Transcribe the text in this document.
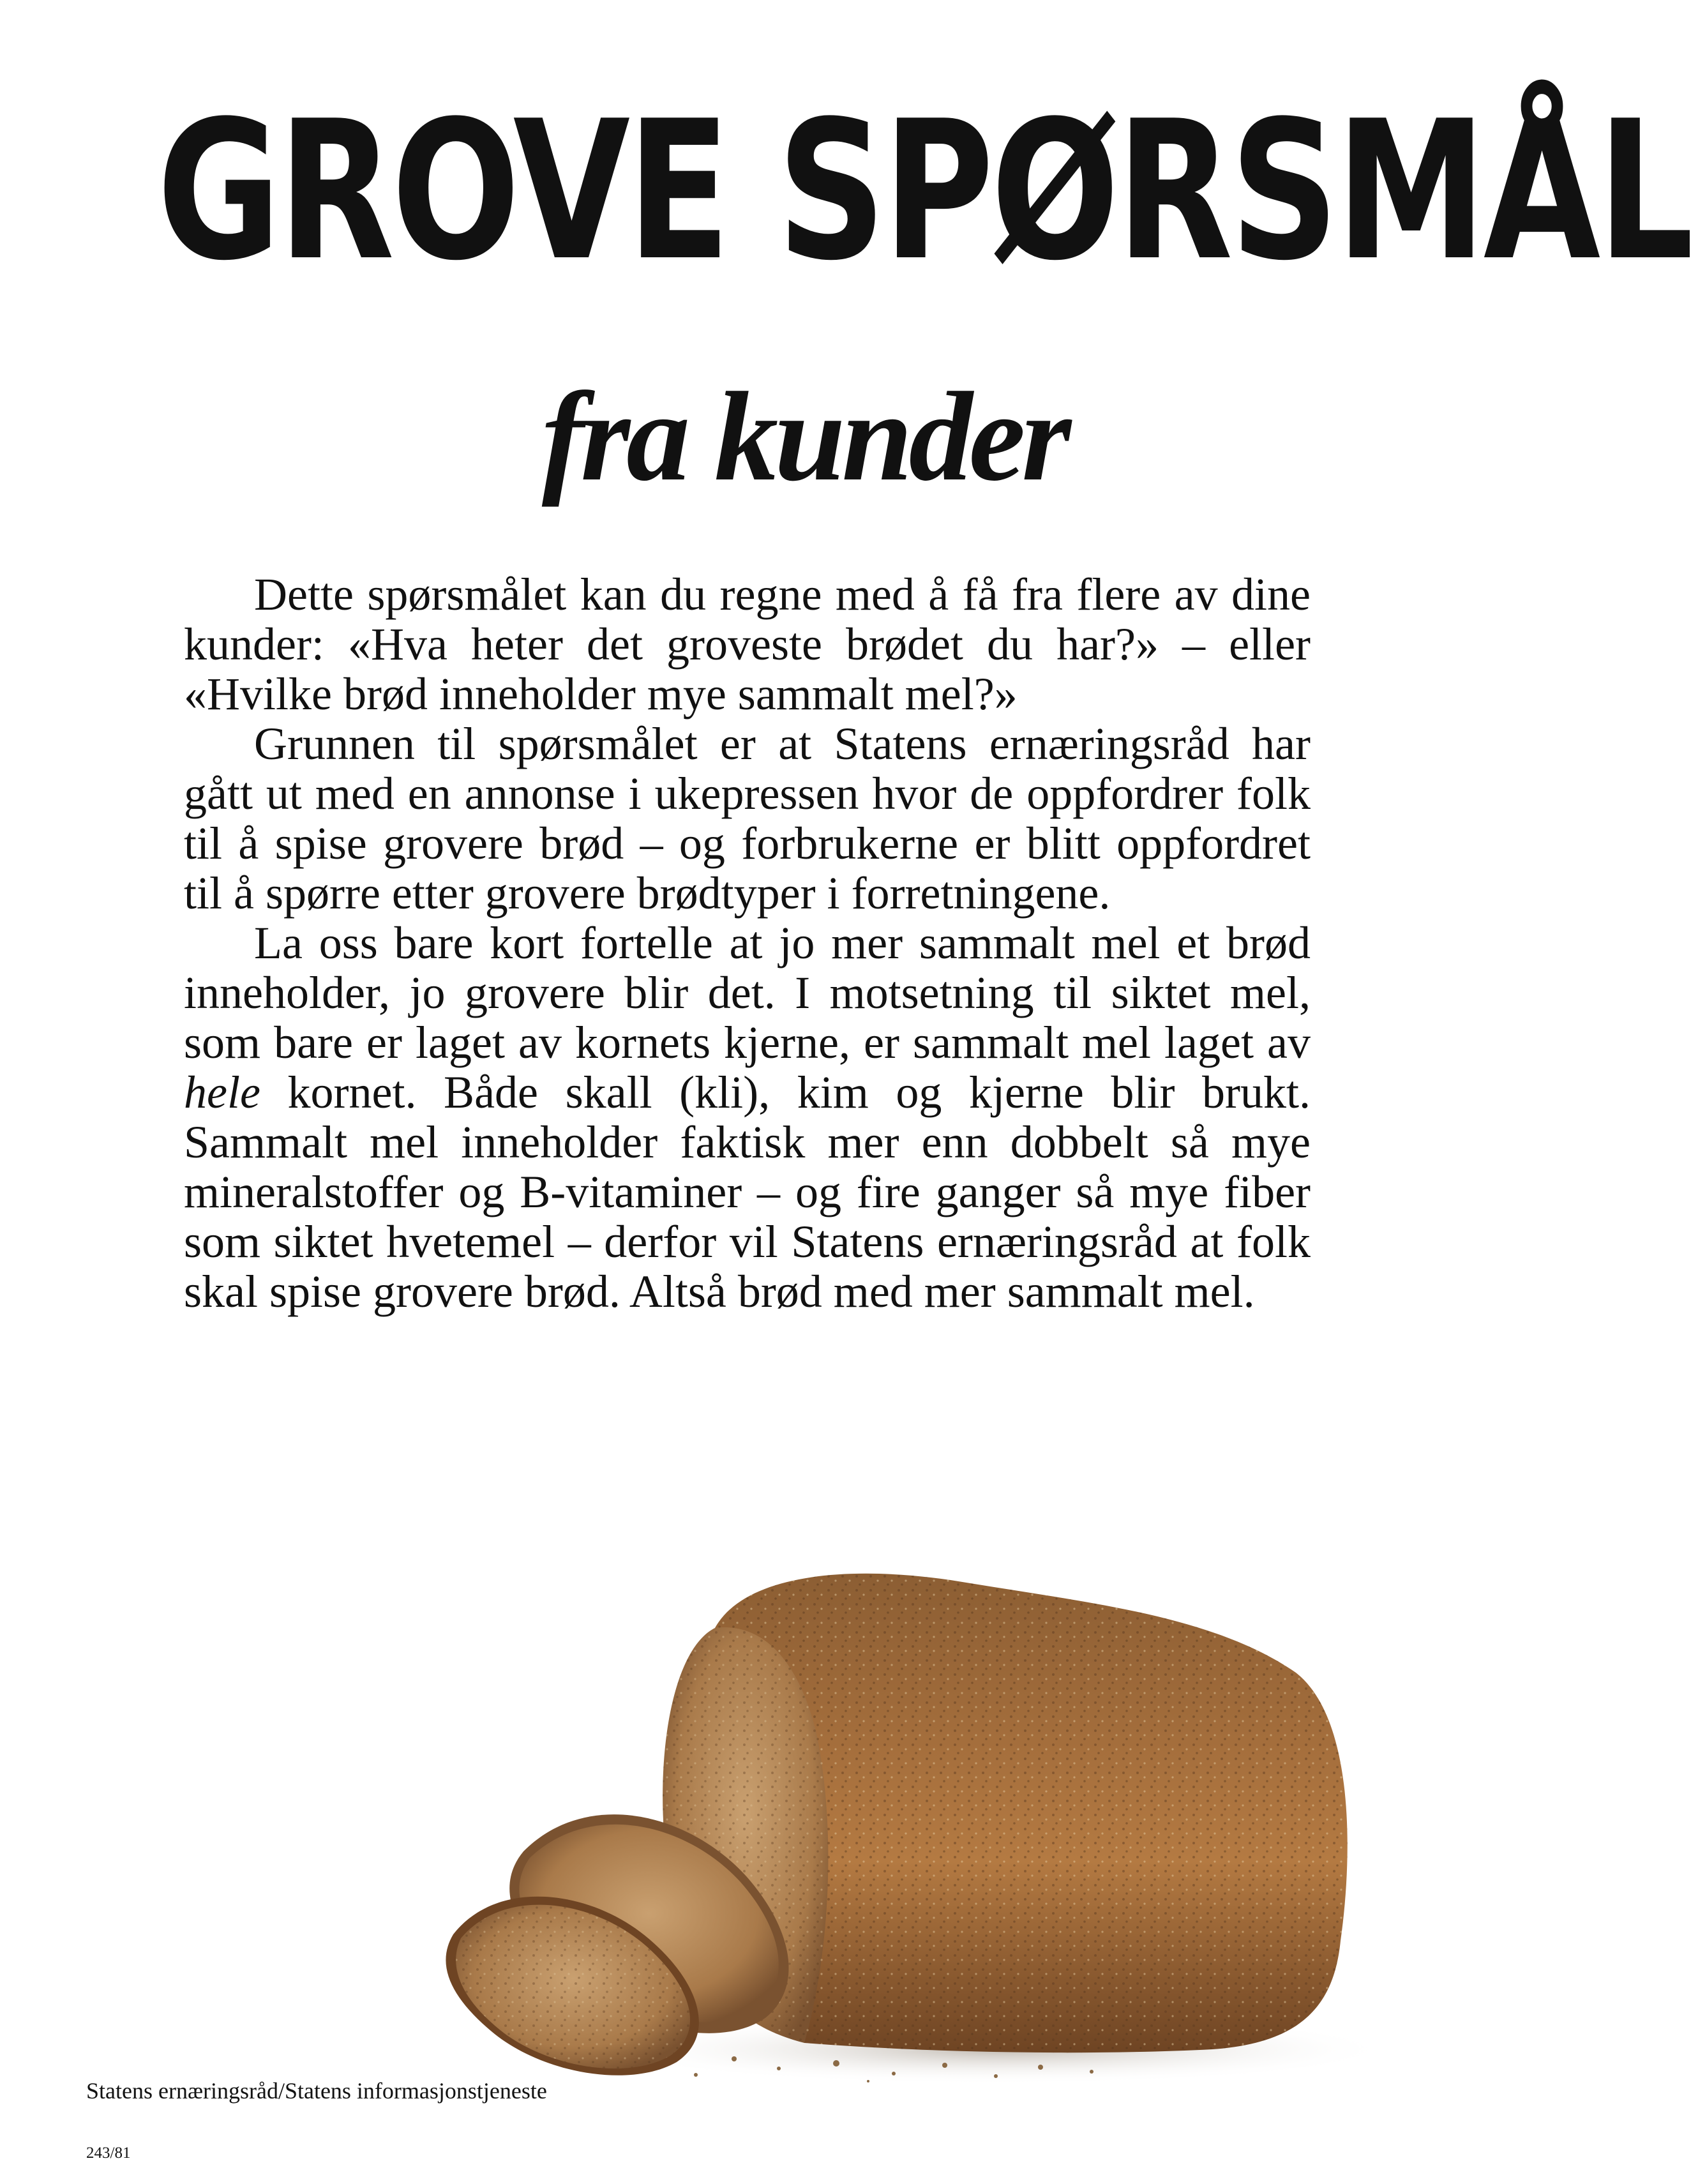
GROVE SPØRSMÅL
fra kunder

Dette spørsmålet kan du regne med å få fra flere av dine kunder: «Hva heter det groveste brødet du har?» – eller «Hvilke brød inneholder mye sammalt mel?»

Grunnen til spørsmålet er at Statens ernæringsråd har gått ut med en annonse i ukepressen hvor de oppfordrer folk til å spise grovere brød – og forbrukerne er blitt oppfordret til å spørre etter grovere brødtyper i forretningene.

La oss bare kort fortelle at jo mer sammalt mel et brød inneholder, jo grovere blir det. I motsetning til siktet mel, som bare er laget av kornets kjerne, er sammalt mel laget av hele kornet. Både skall (kli), kim og kjerne blir brukt. Sammalt mel inneholder faktisk mer enn dobbelt så mye mineralstoffer og B-vitaminer – og fire ganger så mye fiber som siktet hvetemel – derfor vil Statens ernæringsråd at folk skal spise grovere brød. Altså brød med mer sammalt mel.

Statens ernæringsråd/Statens informasjonstjeneste

243/81
